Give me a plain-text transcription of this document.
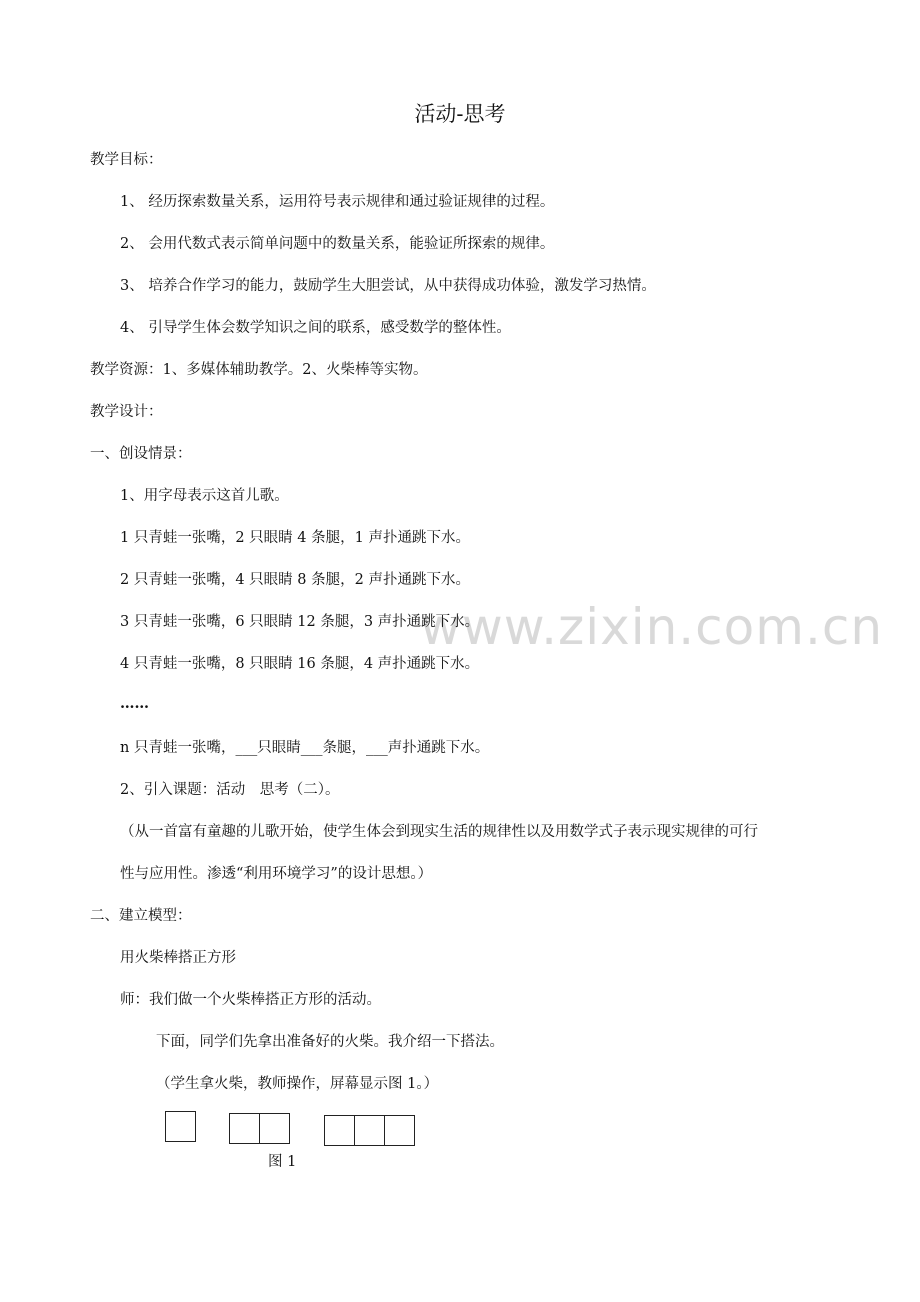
活动-思考
www.zixin.com.cn
教学目标：
1、 经历探索数量关系，运用符号表示规律和通过验证规律的过程。
2、 会用代数式表示简单问题中的数量关系，能验证所探索的规律。
3、 培养合作学习的能力，鼓励学生大胆尝试，从中获得成功体验，激发学习热情。
4、 引导学生体会数学知识之间的联系，感受数学的整体性。
教学资源：1、多媒体辅助教学。2、火柴棒等实物。
教学设计：
一、创设情景：
1、用字母表示这首儿歌。
1 只青蛙一张嘴，2 只眼睛 4 条腿，1 声扑通跳下水。
2 只青蛙一张嘴，4 只眼睛 8 条腿，2 声扑通跳下水。
3 只青蛙一张嘴，6 只眼睛 12 条腿，3 声扑通跳下水。
4 只青蛙一张嘴，8 只眼睛 16 条腿，4 声扑通跳下水。
……
n 只青蛙一张嘴，___只眼睛___条腿，___声扑通跳下水。
2、引入课题：活动　思考（二）。
（从一首富有童趣的儿歌开始，使学生体会到现实生活的规律性以及用数学式子表示现实规律的可行
性与应用性。渗透“利用环境学习”的设计思想。）
二、建立模型：
用火柴棒搭正方形
师：我们做一个火柴棒搭正方形的活动。
下面，同学们先拿出准备好的火柴。我介绍一下搭法。
（学生拿火柴，教师操作，屏幕显示图 1。）
图 1
